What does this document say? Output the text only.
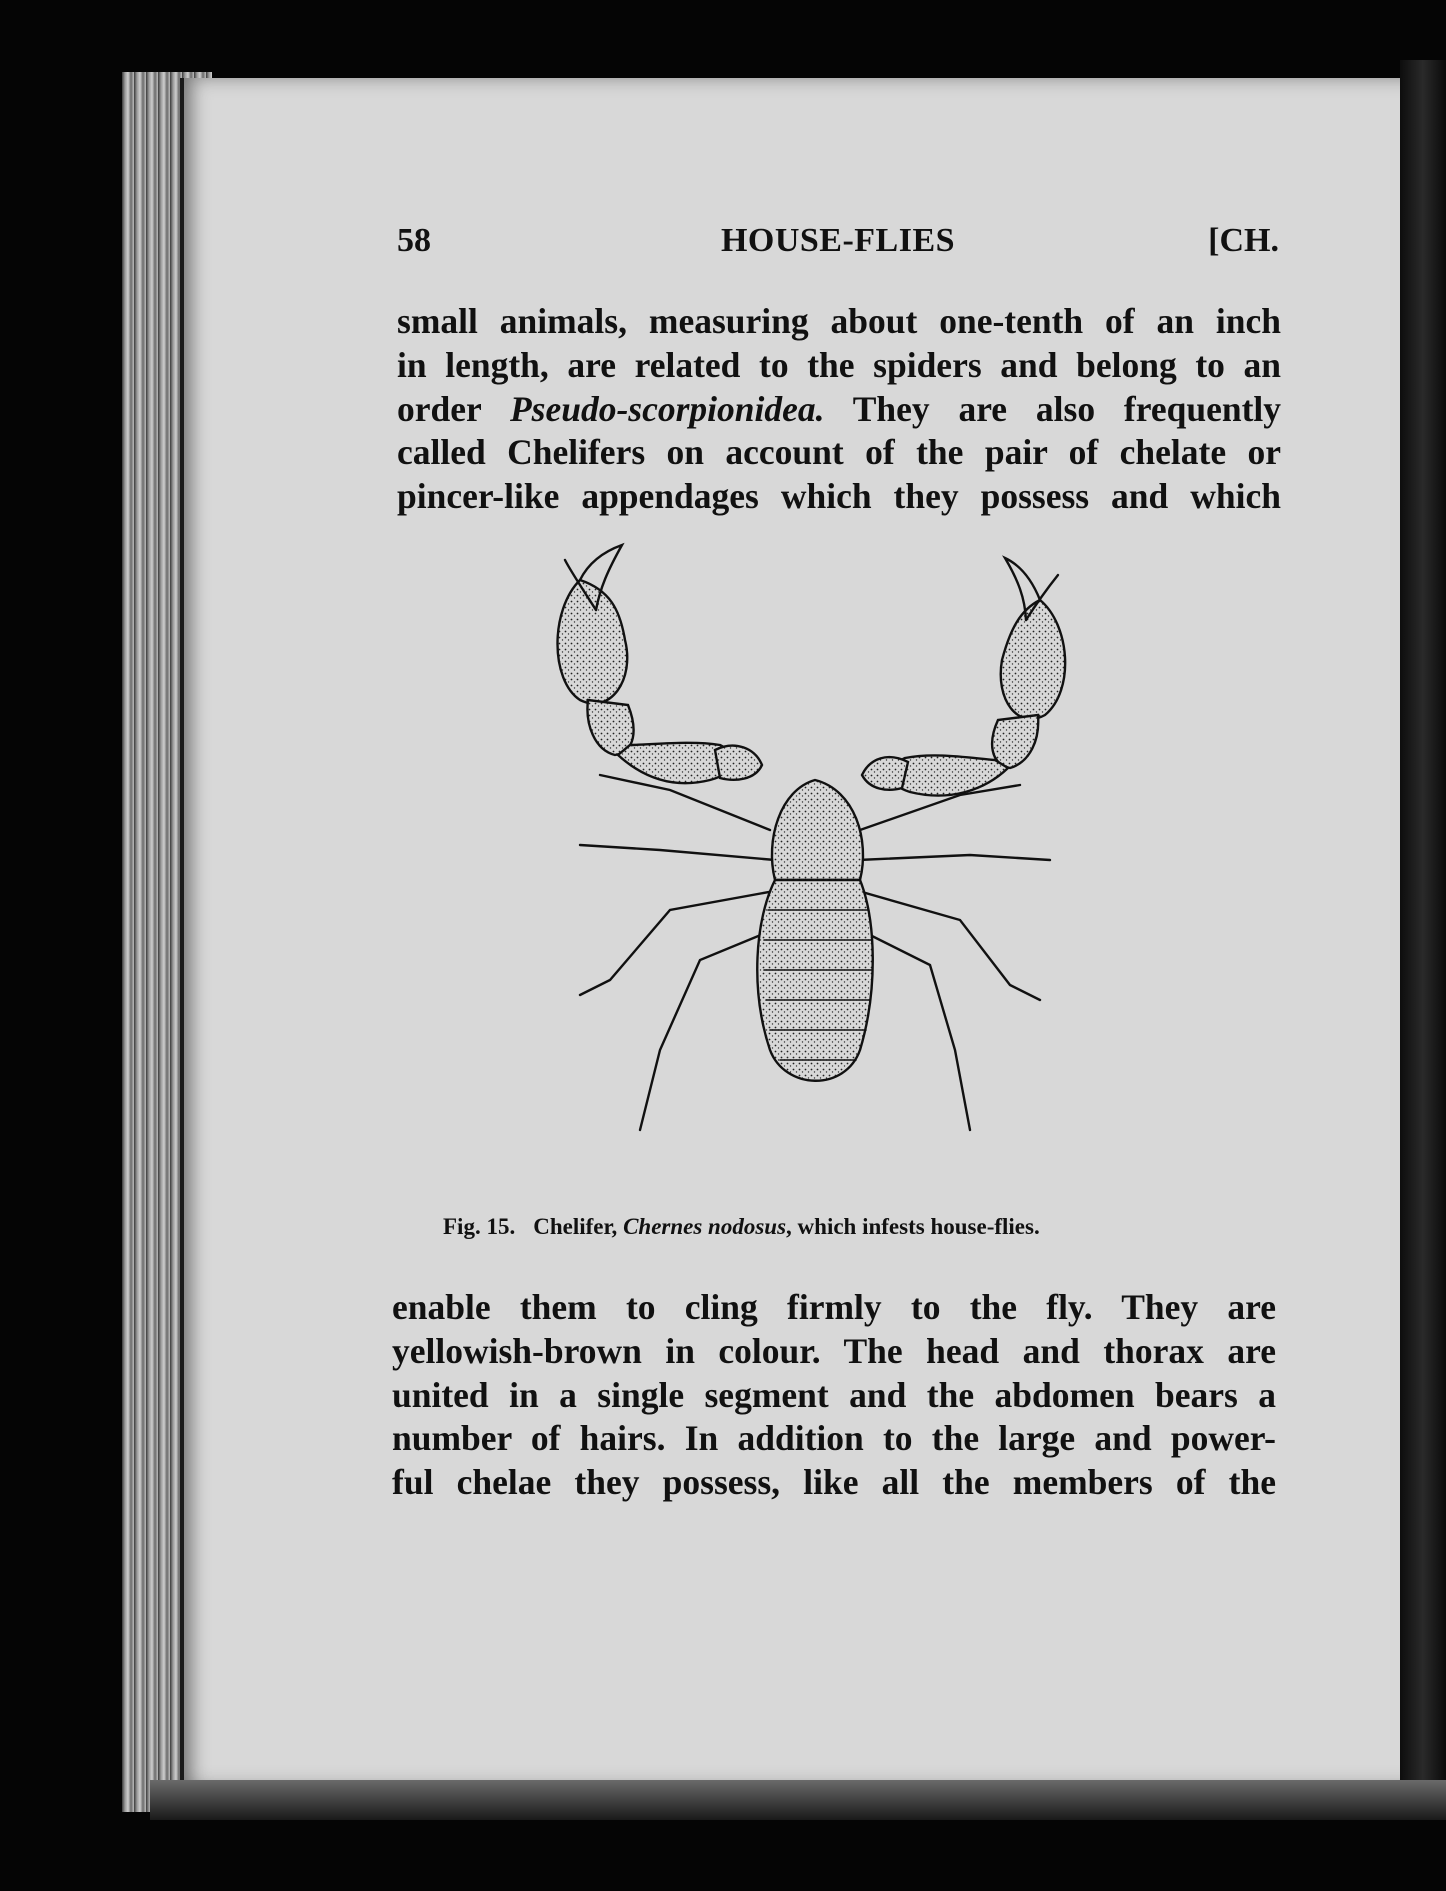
58	HOUSE-FLIES	[CH.
small animals, measuring about one-tenth of an inch
in length, are related to the spiders and belong to an
order Pseudo-scorpionidea. They are also frequently
called Chelifers on account of the pair of chelate or
pincer-like appendages which they possess and which
Fig. 15. Chelifer, Chernes nodosus, which infests house-flies.
enable them to cling firmly to the fly. They are
yellowish-brown in colour. The head and thorax are
united in a single segment and the abdomen bears a
number of hairs. In addition to the large and power-
ful chelae they possess, like all the members of the
